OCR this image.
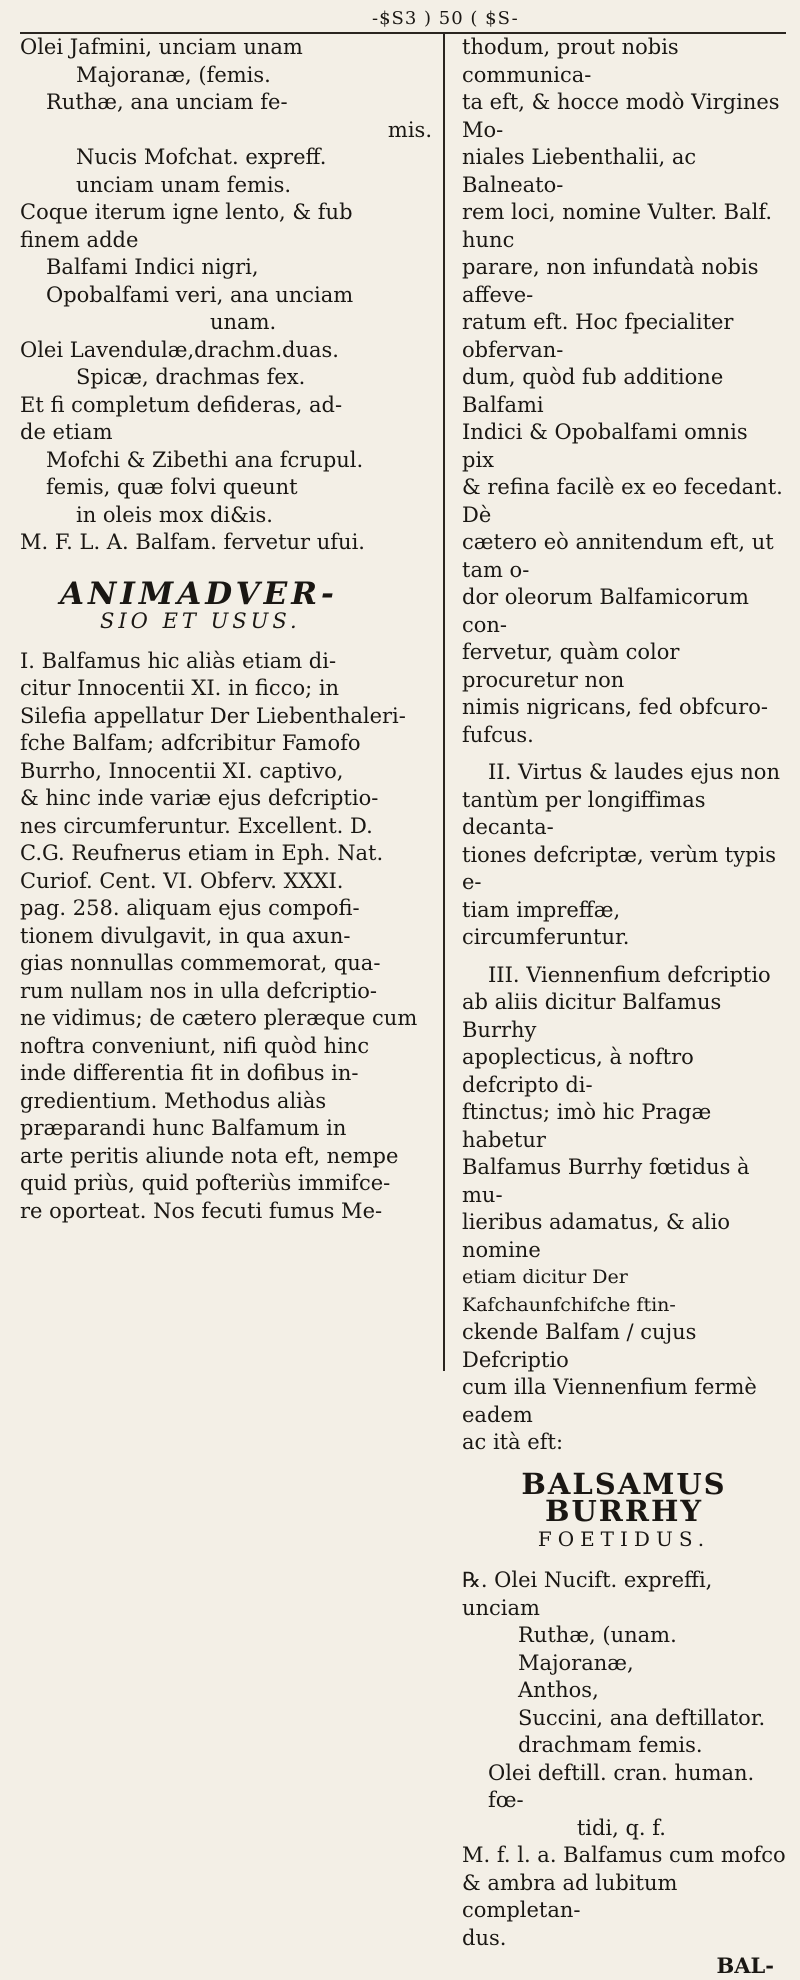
-$S3 ) 50 ( $S-

Olei Jafmini, unciam unam

Majoranæ, (femis.

Ruthæ, ana unciam fe-

mis.

Nucis Mofchat. expreff.

unciam unam femis.

Coque iterum igne lento, & fub

finem adde

Balfami Indici nigri,

Opobalfami veri, ana unciam

unam.

Olei Lavendulæ,drachm.duas.

Spicæ, drachmas fex.

Et fi completum defideras, ad-

de etiam

Mofchi & Zibethi ana fcrupul.

femis, quæ folvi queunt

in oleis mox di&is.

M. F. L. A. Balfam. fervetur ufui.

ANIMADVER-

SIO ET USUS.

I. Balfamus hic aliàs etiam di-

citur Innocentii XI. in ficco; in

Silefia appellatur Der Liebenthaleri-

fche Balfam; adfcribitur Famofo

Burrho, Innocentii XI. captivo,

& hinc inde variæ ejus defcriptio-

nes circumferuntur. Excellent. D.

C.G. Reufnerus etiam in Eph. Nat.

Curiof. Cent. VI. Obferv. XXXI.

pag. 258. aliquam ejus compofi-

tionem divulgavit, in qua axun-

gias nonnullas commemorat, qua-

rum nullam nos in ulla defcriptio-

ne vidimus; de cætero pleræque cum

noftra conveniunt, nifi quòd hinc

inde differentia fit in dofibus in-

gredientium. Methodus aliàs

præparandi hunc Balfamum in

arte peritis aliunde nota eft, nempe

quid priùs, quid pofteriùs immifce-

re oporteat. Nos fecuti fumus Me-

thodum, prout nobis communica-

ta eft, & hocce modò Virgines Mo-

niales Liebenthalii, ac Balneato-

rem loci, nomine Vulter. Balf. hunc

parare, non infundatà nobis affeve-

ratum eft. Hoc fpecialiter obfervan-

dum, quòd fub additione Balfami

Indici & Opobalfami omnis pix

& refina facilè ex eo fecedant. Dè

cætero eò annitendum eft, ut tam o-

dor oleorum Balfamicorum con-

fervetur, quàm color procuretur non

nimis nigricans, fed obfcuro-fufcus.

II. Virtus & laudes ejus non

tantùm per longiffimas decanta-

tiones defcriptæ, verùm typis e-

tiam impreffæ, circumferuntur.

III. Viennenfium defcriptio

ab aliis dicitur Balfamus Burrhy

apoplecticus, à noftro defcripto di-

ftinctus; imò hic Pragæ habetur

Balfamus Burrhy fœtidus à mu-

lieribus adamatus, & alio nomine

etiam dicitur Der Kafchaunfchifche ftin-

ckende Balfam / cujus Defcriptio

cum illa Viennenfium fermè eadem

ac ità eft:

BALSAMUS BURRHY

FOETIDUS.

℞. Olei Nucift. expreffi, unciam

Ruthæ, (unam.

Majoranæ,

Anthos,

Succini, ana deftillator.

drachmam femis.

Olei deftill. cran. human. fœ-

tidi, q. f.

M. f. l. a. Balfamus cum mofco

& ambra ad lubitum completan-

dus.

BAL-
